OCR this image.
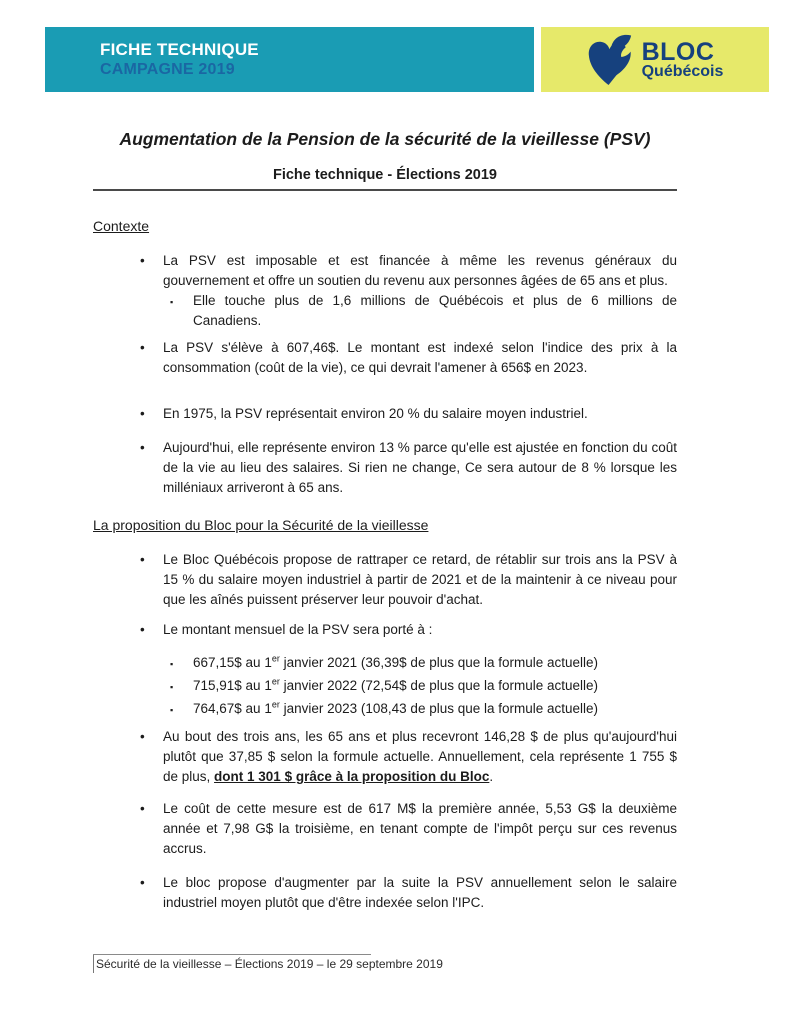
FICHE TECHNIQUE
CAMPAGNE 2019
BLOC
Québécois
Augmentation de la Pension de la sécurité de la vieillesse (PSV)
Fiche technique - Élections 2019
Contexte
•

La PSV est imposable et est financée à même les revenus généraux du gouvernement et offre un soutien du revenu aux personnes âgées de 65 ans et plus.

▪

Elle touche plus de 1,6 millions de Québécois et plus de 6 millions de Canadiens.

•

La PSV s'élève à 607,46$. Le montant est indexé selon l'indice des prix à la consommation (coût de la vie), ce qui devrait l'amener à 656$ en 2023.

•

En 1975, la PSV représentait environ 20 % du salaire moyen industriel.

•

Aujourd'hui, elle représente environ 13 % parce qu'elle est ajustée en fonction du coût de la vie au lieu des salaires. Si rien ne change, Ce sera autour de 8 % lorsque les milléniaux arriveront à 65 ans.

La proposition du Bloc pour la Sécurité de la vieillesse
•

Le Bloc Québécois propose de rattraper ce retard, de rétablir sur trois ans la PSV à 15 % du salaire moyen industriel à partir de 2021 et de la maintenir à ce niveau pour que les aînés puissent préserver leur pouvoir d'achat.

•

Le montant mensuel de la PSV sera porté à :

▪

667,15$ au 1er janvier 2021 (36,39$ de plus que la formule actuelle)

▪

715,91$ au 1er janvier 2022 (72,54$ de plus que la formule actuelle)

▪

764,67$ au 1er janvier 2023 (108,43 de plus que la formule actuelle)

•

Au bout des trois ans, les 65 ans et plus recevront 146,28 $ de plus qu'aujourd'hui plutôt que 37,85 $ selon la formule actuelle. Annuellement, cela représente 1 755 $ de plus, dont 1 301 $ grâce à la proposition du Bloc.

•

Le coût de cette mesure est de 617 M$ la première année, 5,53 G$ la deuxième année et 7,98 G$ la troisième, en tenant compte de l'impôt perçu sur ces revenus accrus.

•

Le bloc propose d'augmenter par la suite la PSV annuellement selon le salaire industriel moyen plutôt que d'être indexée selon l'IPC.

Sécurité de la vieillesse – Élections 2019 – le 29 septembre 2019
